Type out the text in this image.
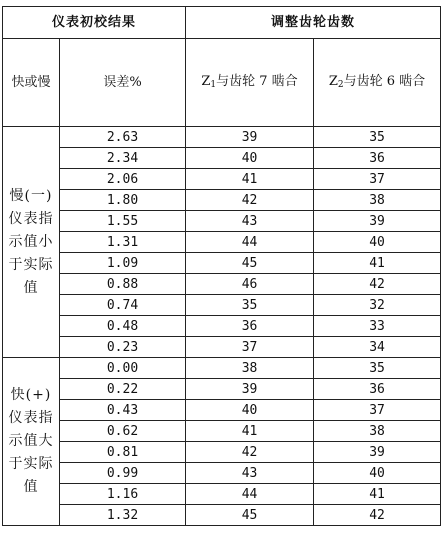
仪表初校结果		调整齿轮齿数	
快或慢	误差%	$Z_1$与齿轮 7 啮合	$Z_2$与齿轮 6 啮合

慢(一)
仪表指
示值小
于实际
值	2.63	39	35
	2.34	40	36
	2.06	41	37
	1.80	42	38
	1.55	43	39
	1.31	44	40
	1.09	45	41
	0.88	46	42
	0.74	35	32
	0.48	36	33
	0.23	37	34

快(+)
仪表指
示值大
于实际
值	0.00	38	35
	0.22	39	36
	0.43	40	37
	0.62	41	38
	0.81	42	39
	0.99	43	40
	1.16	44	41
	1.32	45	42
